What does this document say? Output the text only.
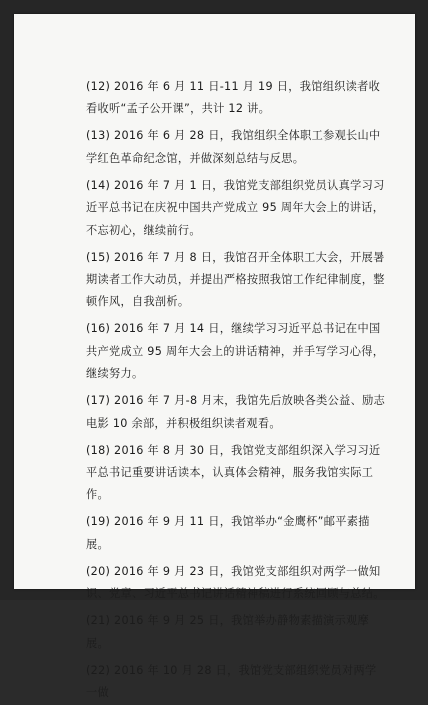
(12) 2016 年 6 月 11 日-11 月 19 日，我馆组织读者收看收听“孟子公开课”，共计 12 讲。

(13) 2016 年 6 月 28 日，我馆组织全体职工参观长山中学红色革命纪念馆，并做深刻总结与反思。

(14) 2016 年 7 月 1 日，我馆党支部组织党员认真学习习近平总书记在庆祝中国共产党成立 95 周年大会上的讲话，不忘初心，继续前行。

(15) 2016 年 7 月 8 日，我馆召开全体职工大会，开展暑期读者工作大动员，并提出严格按照我馆工作纪律制度，整顿作风，自我剖析。

(16) 2016 年 7 月 14 日，继续学习习近平总书记在中国共产党成立 95 周年大会上的讲话精神，并手写学习心得，继续努力。

(17) 2016 年 7 月-8 月末，我馆先后放映各类公益、励志电影 10 余部，并积极组织读者观看。

(18) 2016 年 8 月 30 日，我馆党支部组织深入学习习近平总书记重要讲话读本，认真体会精神，服务我馆实际工作。

(19) 2016 年 9 月 11 日，我馆举办“金鹰杯”邮平素描展。

(20) 2016 年 9 月 23 日，我馆党支部组织对两学一做知识、党章、习近平总书记讲话精神稿进行系统回顾与总结。

(21) 2016 年 9 月 25 日，我馆举办静物素描演示观摩展。

(22) 2016 年 10 月 28 日，我馆党支部组织党员对两学一做
